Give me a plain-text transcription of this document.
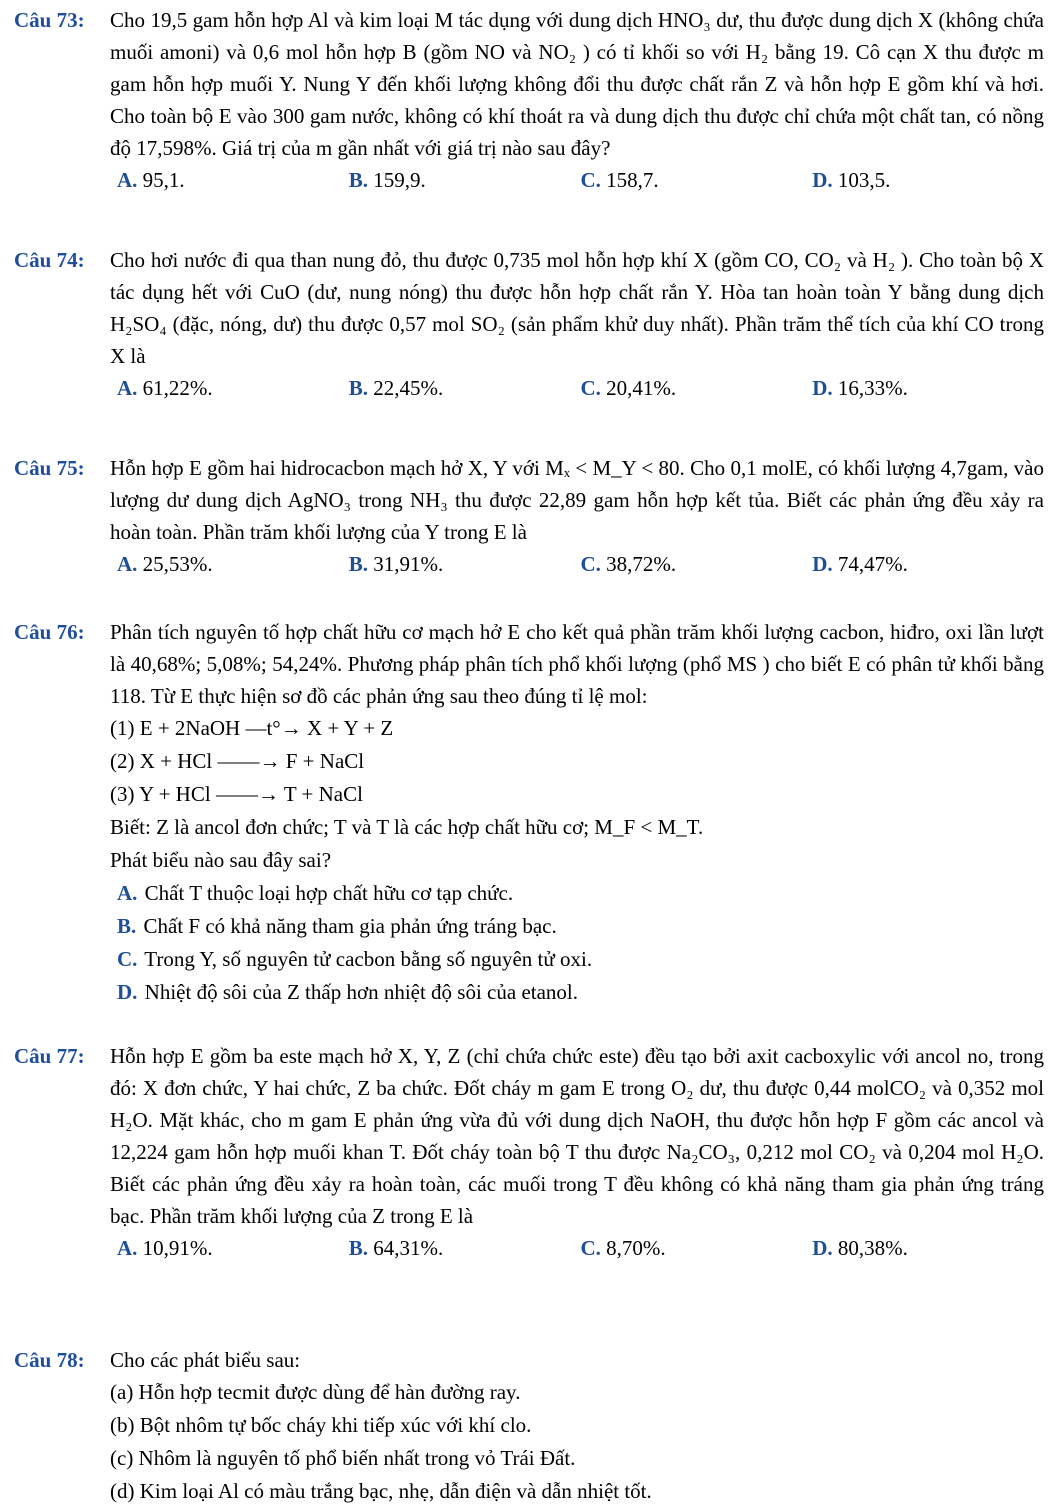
Câu 73:	Cho 19,5 gam hỗn hợp Al và kim loại M tác dụng với dung dịch HNO₃ dư, thu được dung dịch X (không chứa muối amoni) và 0,6 mol hỗn hợp B (gồm NO và NO₂ ) có tỉ khối so với H₂ bằng 19. Cô cạn X thu được m gam hỗn hợp muối Y. Nung Y đến khối lượng không đổi thu được chất rắn Z và hỗn hợp E gồm khí và hơi. Cho toàn bộ E vào 300 gam nước, không có khí thoát ra và dung dịch thu được chỉ chứa một chất tan, có nồng độ 17,598%. Giá trị của m gần nhất với giá trị nào sau đây?
A. 95,1.	B. 159,9.	C. 158,7.	D. 103,5.
Câu 74:	Cho hơi nước đi qua than nung đỏ, thu được 0,735 mol hỗn hợp khí X (gồm CO, CO₂ và H₂ ). Cho toàn bộ X tác dụng hết với CuO (dư, nung nóng) thu được hỗn hợp chất rắn Y. Hòa tan hoàn toàn Y bằng dung dịch H₂SO₄ (đặc, nóng, dư) thu được 0,57 mol SO₂ (sản phẩm khử duy nhất). Phần trăm thể tích của khí CO trong X là
A. 61,22%.	B. 22,45%.	C. 20,41%.	D. 16,33%.
Câu 75:	Hỗn hợp E gồm hai hidrocacbon mạch hở X, Y với Mₓ < M_Y < 80. Cho 0,1 molE, có khối lượng 4,7gam, vào lượng dư dung dịch AgNO₃ trong NH₃ thu được 22,89 gam hỗn hợp kết tủa. Biết các phản ứng đều xảy ra hoàn toàn. Phần trăm khối lượng của Y trong E là
A. 25,53%.	B. 31,91%.	C. 38,72%.	D. 74,47%.
Câu 76:	Phân tích nguyên tố hợp chất hữu cơ mạch hở E cho kết quả phần trăm khối lượng cacbon, hiđro, oxi lần lượt là 40,68%; 5,08%; 54,24%. Phương pháp phân tích phổ khối lượng (phổ MS ) cho biết E có phân tử khối bằng 118. Từ E thực hiện sơ đồ các phản ứng sau theo đúng tỉ lệ mol:
(1) E + 2NaOH —t°→ X + Y + Z
(2) X + HCl ——→ F + NaCl
(3) Y + HCl ——→ T + NaCl
Biết: Z là ancol đơn chức; T và T là các hợp chất hữu cơ; M_F < M_T.
Phát biểu nào sau đây sai?
A. Chất T thuộc loại hợp chất hữu cơ tạp chức.
B. Chất F có khả năng tham gia phản ứng tráng bạc.
C. Trong Y, số nguyên tử cacbon bằng số nguyên tử oxi.
D. Nhiệt độ sôi của Z thấp hơn nhiệt độ sôi của etanol.
Câu 77:	Hỗn hợp E gồm ba este mạch hở X, Y, Z (chỉ chứa chức este) đều tạo bởi axit cacboxylic với ancol no, trong đó: X đơn chức, Y hai chức, Z ba chức. Đốt cháy m gam E trong O₂ dư, thu được 0,44 molCO₂ và 0,352 mol H₂O. Mặt khác, cho m gam E phản ứng vừa đủ với dung dịch NaOH, thu được hỗn hợp F gồm các ancol và 12,224 gam hỗn hợp muối khan T. Đốt cháy toàn bộ T thu được Na₂CO₃, 0,212 mol CO₂ và 0,204 mol H₂O. Biết các phản ứng đều xảy ra hoàn toàn, các muối trong T đều không có khả năng tham gia phản ứng tráng bạc. Phần trăm khối lượng của Z trong E là
A. 10,91%.	B. 64,31%.	C. 8,70%.	D. 80,38%.
Câu 78:	Cho các phát biểu sau:
(a) Hỗn hợp tecmit được dùng để hàn đường ray.
(b) Bột nhôm tự bốc cháy khi tiếp xúc với khí clo.
(c) Nhôm là nguyên tố phổ biến nhất trong vỏ Trái Đất.
(d) Kim loại Al có màu trắng bạc, nhẹ, dẫn điện và dẫn nhiệt tốt.
